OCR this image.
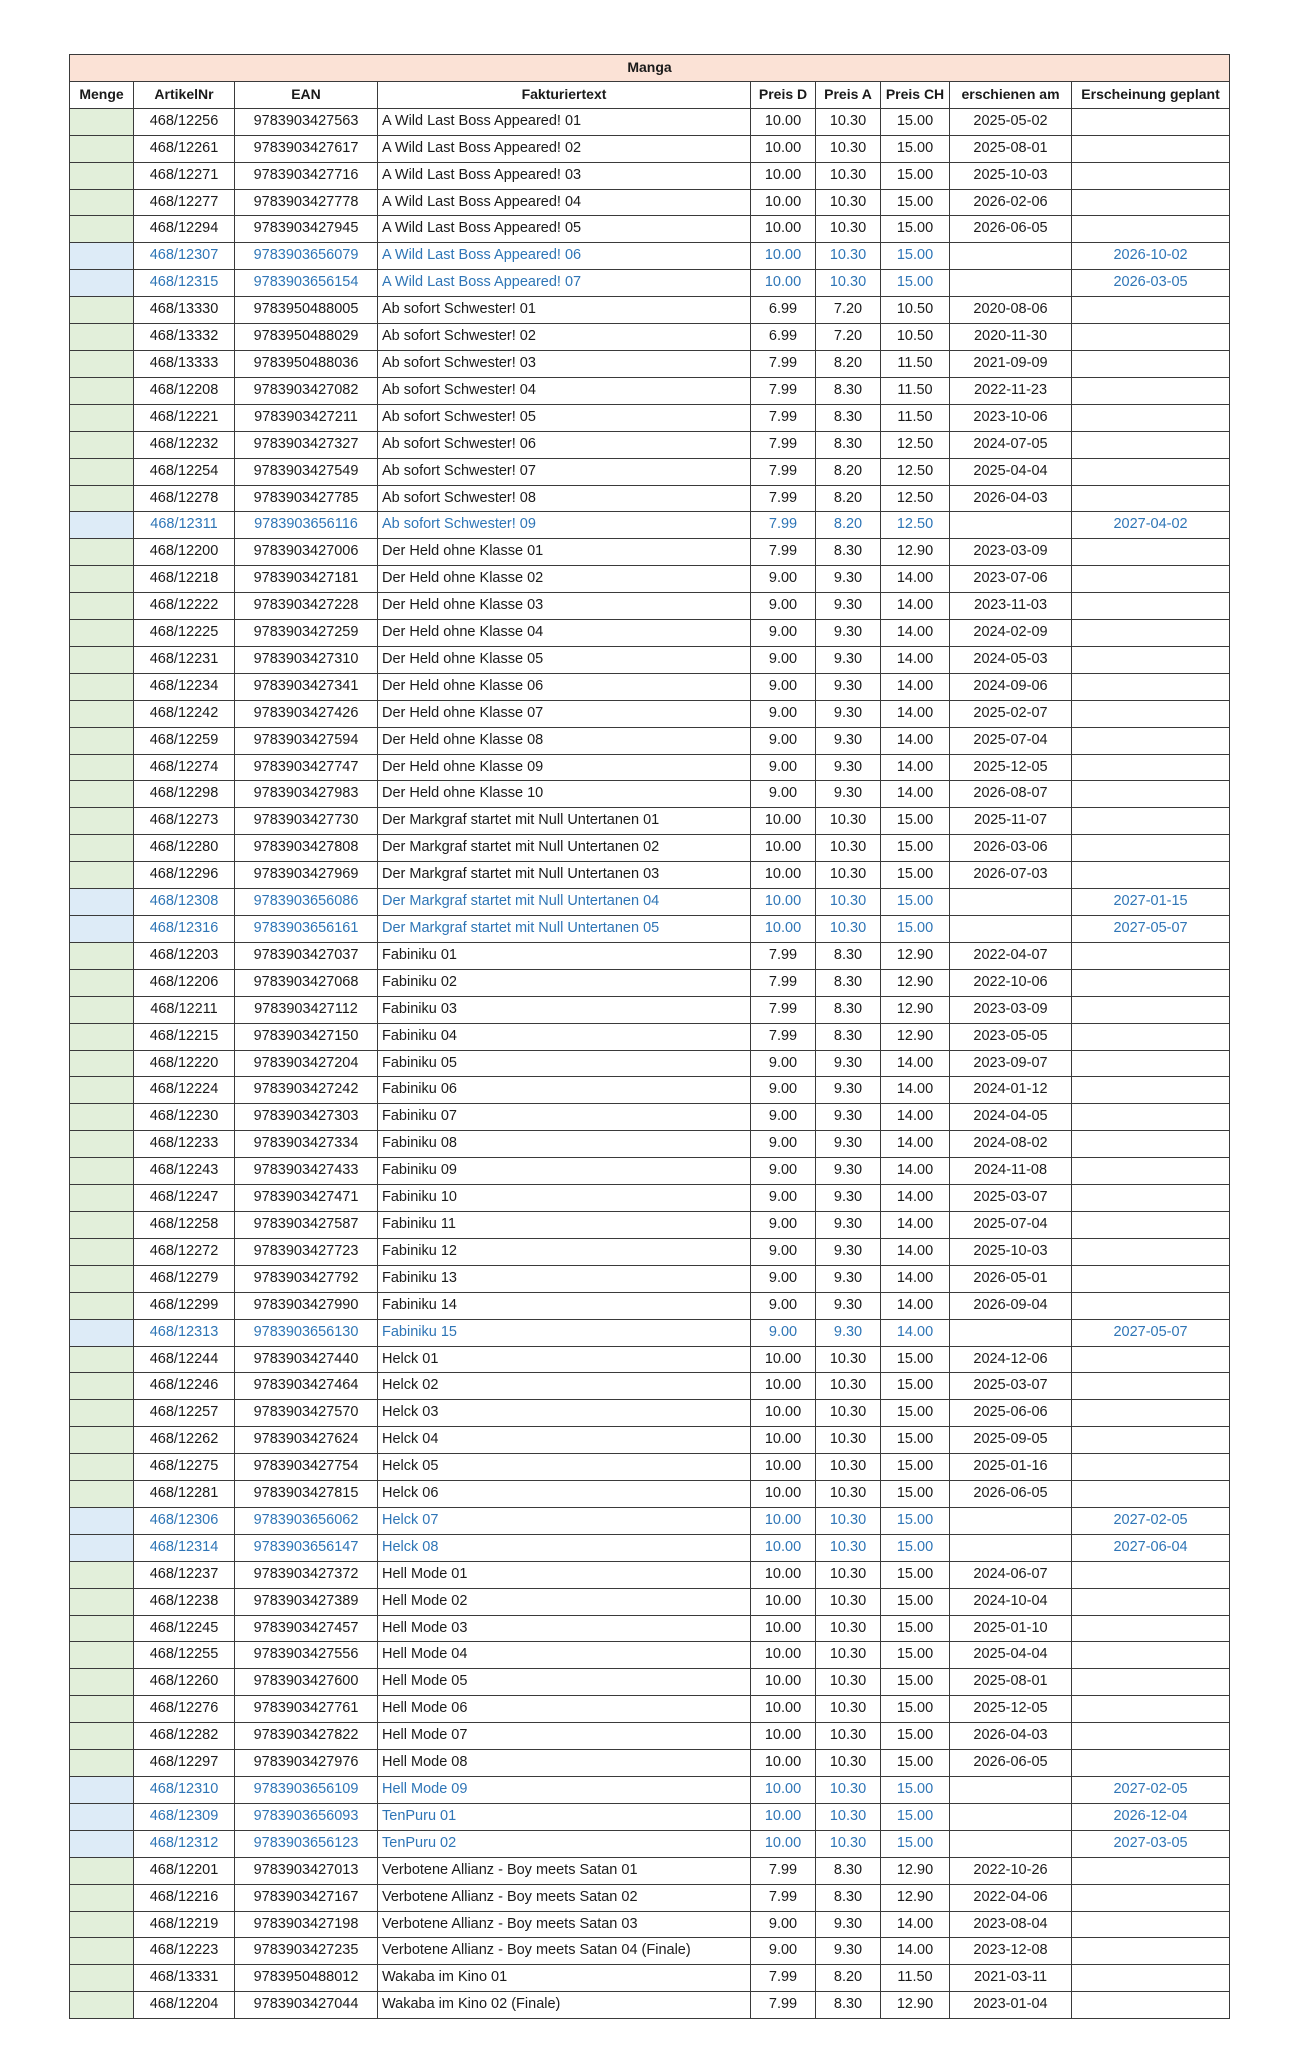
Manga								
Menge	ArtikelNr	EAN	Fakturiertext	Preis D	Preis A	Preis CH	erschienen am	Erscheinung geplant
	468/12256	9783903427563	A Wild Last Boss Appeared! 01	10.00	10.30	15.00	2025-05-02	
	468/12261	9783903427617	A Wild Last Boss Appeared! 02	10.00	10.30	15.00	2025-08-01	
	468/12271	9783903427716	A Wild Last Boss Appeared! 03	10.00	10.30	15.00	2025-10-03	
	468/12277	9783903427778	A Wild Last Boss Appeared! 04	10.00	10.30	15.00	2026-02-06	
	468/12294	9783903427945	A Wild Last Boss Appeared! 05	10.00	10.30	15.00	2026-06-05	
	468/12307	9783903656079	A Wild Last Boss Appeared! 06	10.00	10.30	15.00		2026-10-02
	468/12315	9783903656154	A Wild Last Boss Appeared! 07	10.00	10.30	15.00		2026-03-05
	468/13330	9783950488005	Ab sofort Schwester! 01	6.99	7.20	10.50	2020-08-06	
	468/13332	9783950488029	Ab sofort Schwester! 02	6.99	7.20	10.50	2020-11-30	
	468/13333	9783950488036	Ab sofort Schwester! 03	7.99	8.20	11.50	2021-09-09	
	468/12208	9783903427082	Ab sofort Schwester! 04	7.99	8.30	11.50	2022-11-23	
	468/12221	9783903427211	Ab sofort Schwester! 05	7.99	8.30	11.50	2023-10-06	
	468/12232	9783903427327	Ab sofort Schwester! 06	7.99	8.30	12.50	2024-07-05	
	468/12254	9783903427549	Ab sofort Schwester! 07	7.99	8.20	12.50	2025-04-04	
	468/12278	9783903427785	Ab sofort Schwester! 08	7.99	8.20	12.50	2026-04-03	
	468/12311	9783903656116	Ab sofort Schwester! 09	7.99	8.20	12.50		2027-04-02
	468/12200	9783903427006	Der Held ohne Klasse 01	7.99	8.30	12.90	2023-03-09	
	468/12218	9783903427181	Der Held ohne Klasse 02	9.00	9.30	14.00	2023-07-06	
	468/12222	9783903427228	Der Held ohne Klasse 03	9.00	9.30	14.00	2023-11-03	
	468/12225	9783903427259	Der Held ohne Klasse 04	9.00	9.30	14.00	2024-02-09	
	468/12231	9783903427310	Der Held ohne Klasse 05	9.00	9.30	14.00	2024-05-03	
	468/12234	9783903427341	Der Held ohne Klasse 06	9.00	9.30	14.00	2024-09-06	
	468/12242	9783903427426	Der Held ohne Klasse 07	9.00	9.30	14.00	2025-02-07	
	468/12259	9783903427594	Der Held ohne Klasse 08	9.00	9.30	14.00	2025-07-04	
	468/12274	9783903427747	Der Held ohne Klasse 09	9.00	9.30	14.00	2025-12-05	
	468/12298	9783903427983	Der Held ohne Klasse 10	9.00	9.30	14.00	2026-08-07	
	468/12273	9783903427730	Der Markgraf startet mit Null Untertanen 01	10.00	10.30	15.00	2025-11-07	
	468/12280	9783903427808	Der Markgraf startet mit Null Untertanen 02	10.00	10.30	15.00	2026-03-06	
	468/12296	9783903427969	Der Markgraf startet mit Null Untertanen 03	10.00	10.30	15.00	2026-07-03	
	468/12308	9783903656086	Der Markgraf startet mit Null Untertanen 04	10.00	10.30	15.00		2027-01-15
	468/12316	9783903656161	Der Markgraf startet mit Null Untertanen 05	10.00	10.30	15.00		2027-05-07
	468/12203	9783903427037	Fabiniku 01	7.99	8.30	12.90	2022-04-07	
	468/12206	9783903427068	Fabiniku 02	7.99	8.30	12.90	2022-10-06	
	468/12211	9783903427112	Fabiniku 03	7.99	8.30	12.90	2023-03-09	
	468/12215	9783903427150	Fabiniku 04	7.99	8.30	12.90	2023-05-05	
	468/12220	9783903427204	Fabiniku 05	9.00	9.30	14.00	2023-09-07	
	468/12224	9783903427242	Fabiniku 06	9.00	9.30	14.00	2024-01-12	
	468/12230	9783903427303	Fabiniku 07	9.00	9.30	14.00	2024-04-05	
	468/12233	9783903427334	Fabiniku 08	9.00	9.30	14.00	2024-08-02	
	468/12243	9783903427433	Fabiniku 09	9.00	9.30	14.00	2024-11-08	
	468/12247	9783903427471	Fabiniku 10	9.00	9.30	14.00	2025-03-07	
	468/12258	9783903427587	Fabiniku 11	9.00	9.30	14.00	2025-07-04	
	468/12272	9783903427723	Fabiniku 12	9.00	9.30	14.00	2025-10-03	
	468/12279	9783903427792	Fabiniku 13	9.00	9.30	14.00	2026-05-01	
	468/12299	9783903427990	Fabiniku 14	9.00	9.30	14.00	2026-09-04	
	468/12313	9783903656130	Fabiniku 15	9.00	9.30	14.00		2027-05-07
	468/12244	9783903427440	Helck 01	10.00	10.30	15.00	2024-12-06	
	468/12246	9783903427464	Helck 02	10.00	10.30	15.00	2025-03-07	
	468/12257	9783903427570	Helck 03	10.00	10.30	15.00	2025-06-06	
	468/12262	9783903427624	Helck 04	10.00	10.30	15.00	2025-09-05	
	468/12275	9783903427754	Helck 05	10.00	10.30	15.00	2025-01-16	
	468/12281	9783903427815	Helck 06	10.00	10.30	15.00	2026-06-05	
	468/12306	9783903656062	Helck 07	10.00	10.30	15.00		2027-02-05
	468/12314	9783903656147	Helck 08	10.00	10.30	15.00		2027-06-04
	468/12237	9783903427372	Hell Mode 01	10.00	10.30	15.00	2024-06-07	
	468/12238	9783903427389	Hell Mode 02	10.00	10.30	15.00	2024-10-04	
	468/12245	9783903427457	Hell Mode 03	10.00	10.30	15.00	2025-01-10	
	468/12255	9783903427556	Hell Mode 04	10.00	10.30	15.00	2025-04-04	
	468/12260	9783903427600	Hell Mode 05	10.00	10.30	15.00	2025-08-01	
	468/12276	9783903427761	Hell Mode 06	10.00	10.30	15.00	2025-12-05	
	468/12282	9783903427822	Hell Mode 07	10.00	10.30	15.00	2026-04-03	
	468/12297	9783903427976	Hell Mode 08	10.00	10.30	15.00	2026-06-05	
	468/12310	9783903656109	Hell Mode 09	10.00	10.30	15.00		2027-02-05
	468/12309	9783903656093	TenPuru 01	10.00	10.30	15.00		2026-12-04
	468/12312	9783903656123	TenPuru 02	10.00	10.30	15.00		2027-03-05
	468/12201	9783903427013	Verbotene Allianz - Boy meets Satan 01	7.99	8.30	12.90	2022-10-26	
	468/12216	9783903427167	Verbotene Allianz - Boy meets Satan 02	7.99	8.30	12.90	2022-04-06	
	468/12219	9783903427198	Verbotene Allianz - Boy meets Satan 03	9.00	9.30	14.00	2023-08-04	
	468/12223	9783903427235	Verbotene Allianz - Boy meets Satan 04 (Finale)	9.00	9.30	14.00	2023-12-08	
	468/13331	9783950488012	Wakaba im Kino 01	7.99	8.20	11.50	2021-03-11	
	468/12204	9783903427044	Wakaba im Kino 02 (Finale)	7.99	8.30	12.90	2023-01-04	
